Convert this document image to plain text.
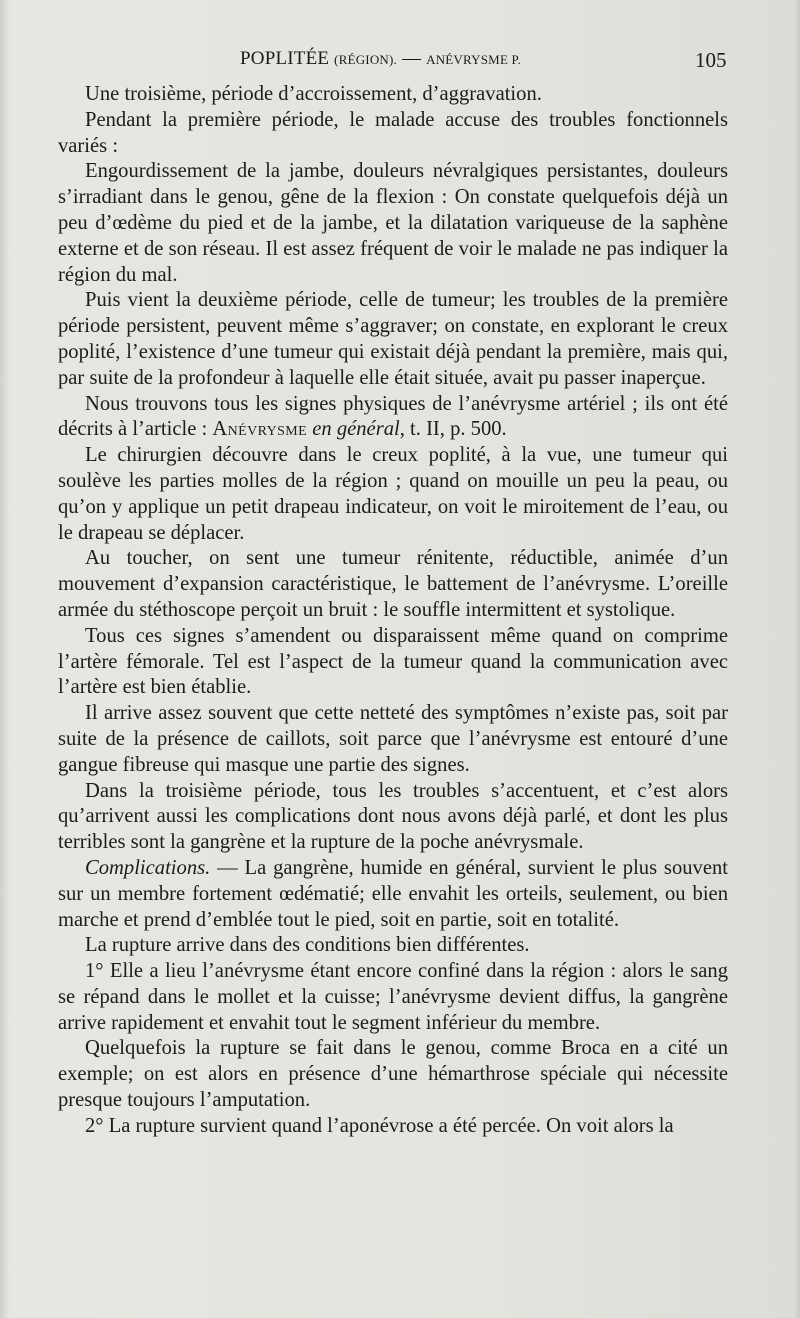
POPLITÉE (RÉGION). — ANÉVRYSME P.	105

Une troisième, période d’accroissement, d’aggravation.

Pendant la première période, le malade accuse des troubles fonctionnels variés :

Engourdissement de la jambe, douleurs névralgiques persistantes, douleurs s’irradiant dans le genou, gêne de la flexion : On constate quelquefois déjà un peu d’œdème du pied et de la jambe, et la dilatation variqueuse de la saphène externe et de son réseau. Il est assez fréquent de voir le malade ne pas indiquer la région du mal.

Puis vient la deuxième période, celle de tumeur; les troubles de la première période persistent, peuvent même s’aggraver; on constate, en explorant le creux poplité, l’existence d’une tumeur qui existait déjà pendant la première, mais qui, par suite de la profondeur à laquelle elle était située, avait pu passer inaperçue.

Nous trouvons tous les signes physiques de l’anévrysme artériel ; ils ont été décrits à l’article : Anévrysme en général, t. II, p. 500.

Le chirurgien découvre dans le creux poplité, à la vue, une tumeur qui soulève les parties molles de la région ; quand on mouille un peu la peau, ou qu’on y applique un petit drapeau indicateur, on voit le miroitement de l’eau, ou le drapeau se déplacer.

Au toucher, on sent une tumeur rénitente, réductible, animée d’un mouvement d’expansion caractéristique, le battement de l’anévrysme. L’oreille armée du stéthoscope perçoit un bruit : le souffle intermittent et systolique.

Tous ces signes s’amendent ou disparaissent même quand on comprime l’artère fémorale. Tel est l’aspect de la tumeur quand la communication avec l’artère est bien établie.

Il arrive assez souvent que cette netteté des symptômes n’existe pas, soit par suite de la présence de caillots, soit parce que l’anévrysme est entouré d’une gangue fibreuse qui masque une partie des signes.

Dans la troisième période, tous les troubles s’accentuent, et c’est alors qu’arrivent aussi les complications dont nous avons déjà parlé, et dont les plus terribles sont la gangrène et la rupture de la poche anévrysmale.

Complications. — La gangrène, humide en général, survient le plus souvent sur un membre fortement œdématié; elle envahit les orteils, seulement, ou bien marche et prend d’emblée tout le pied, soit en partie, soit en totalité.

La rupture arrive dans des conditions bien différentes.

1° Elle a lieu l’anévrysme étant encore confiné dans la région : alors le sang se répand dans le mollet et la cuisse; l’anévrysme devient diffus, la gangrène arrive rapidement et envahit tout le segment inférieur du membre.

Quelquefois la rupture se fait dans le genou, comme Broca en a cité un exemple; on est alors en présence d’une hémarthrose spéciale qui nécessite presque toujours l’amputation.

2° La rupture survient quand l’aponévrose a été percée. On voit alors la
